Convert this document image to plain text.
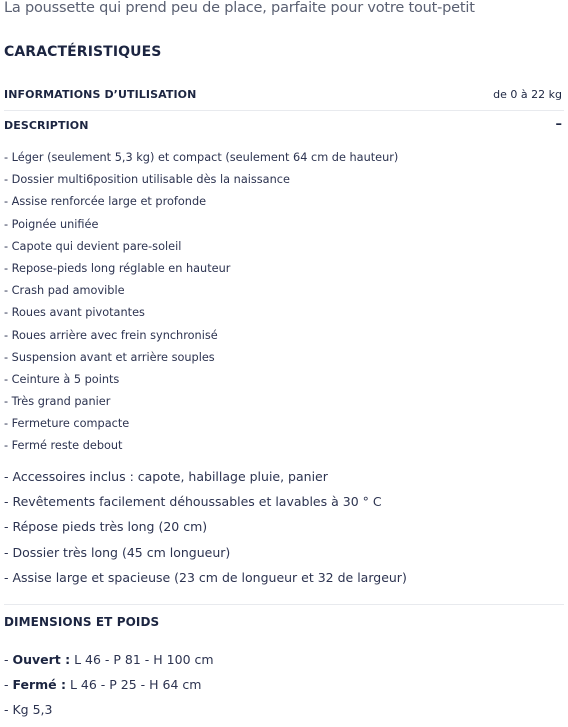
La poussette qui prend peu de place, parfaite pour votre tout-petit
CARACTÉRISTIQUES
INFORMATIONS D’UTILISATION	de 0 à 22 kg
DESCRIPTION	–
- Léger (seulement 5,3 kg) et compact (seulement 64 cm de hauteur)
- Dossier multi6position utilisable dès la naissance
- Assise renforcée large et profonde
- Poignée unifiée
- Capote qui devient pare-soleil
- Repose-pieds long réglable en hauteur
- Crash pad amovible
- Roues avant pivotantes
- Roues arrière avec frein synchronisé
- Suspension avant et arrière souples
- Ceinture à 5 points
- Très grand panier
- Fermeture compacte
- Fermé reste debout
- Accessoires inclus : capote, habillage pluie, panier
- Revêtements facilement déhoussables et lavables à 30 ° C
- Répose pieds très long (20 cm)
- Dossier très long (45 cm longueur)
- Assise large et spacieuse (23 cm de longueur et 32 de largeur)
DIMENSIONS ET POIDS
- Ouvert : L 46 - P 81 - H 100 cm
- Fermé : L 46 - P 25 - H 64 cm
- Kg 5,3
